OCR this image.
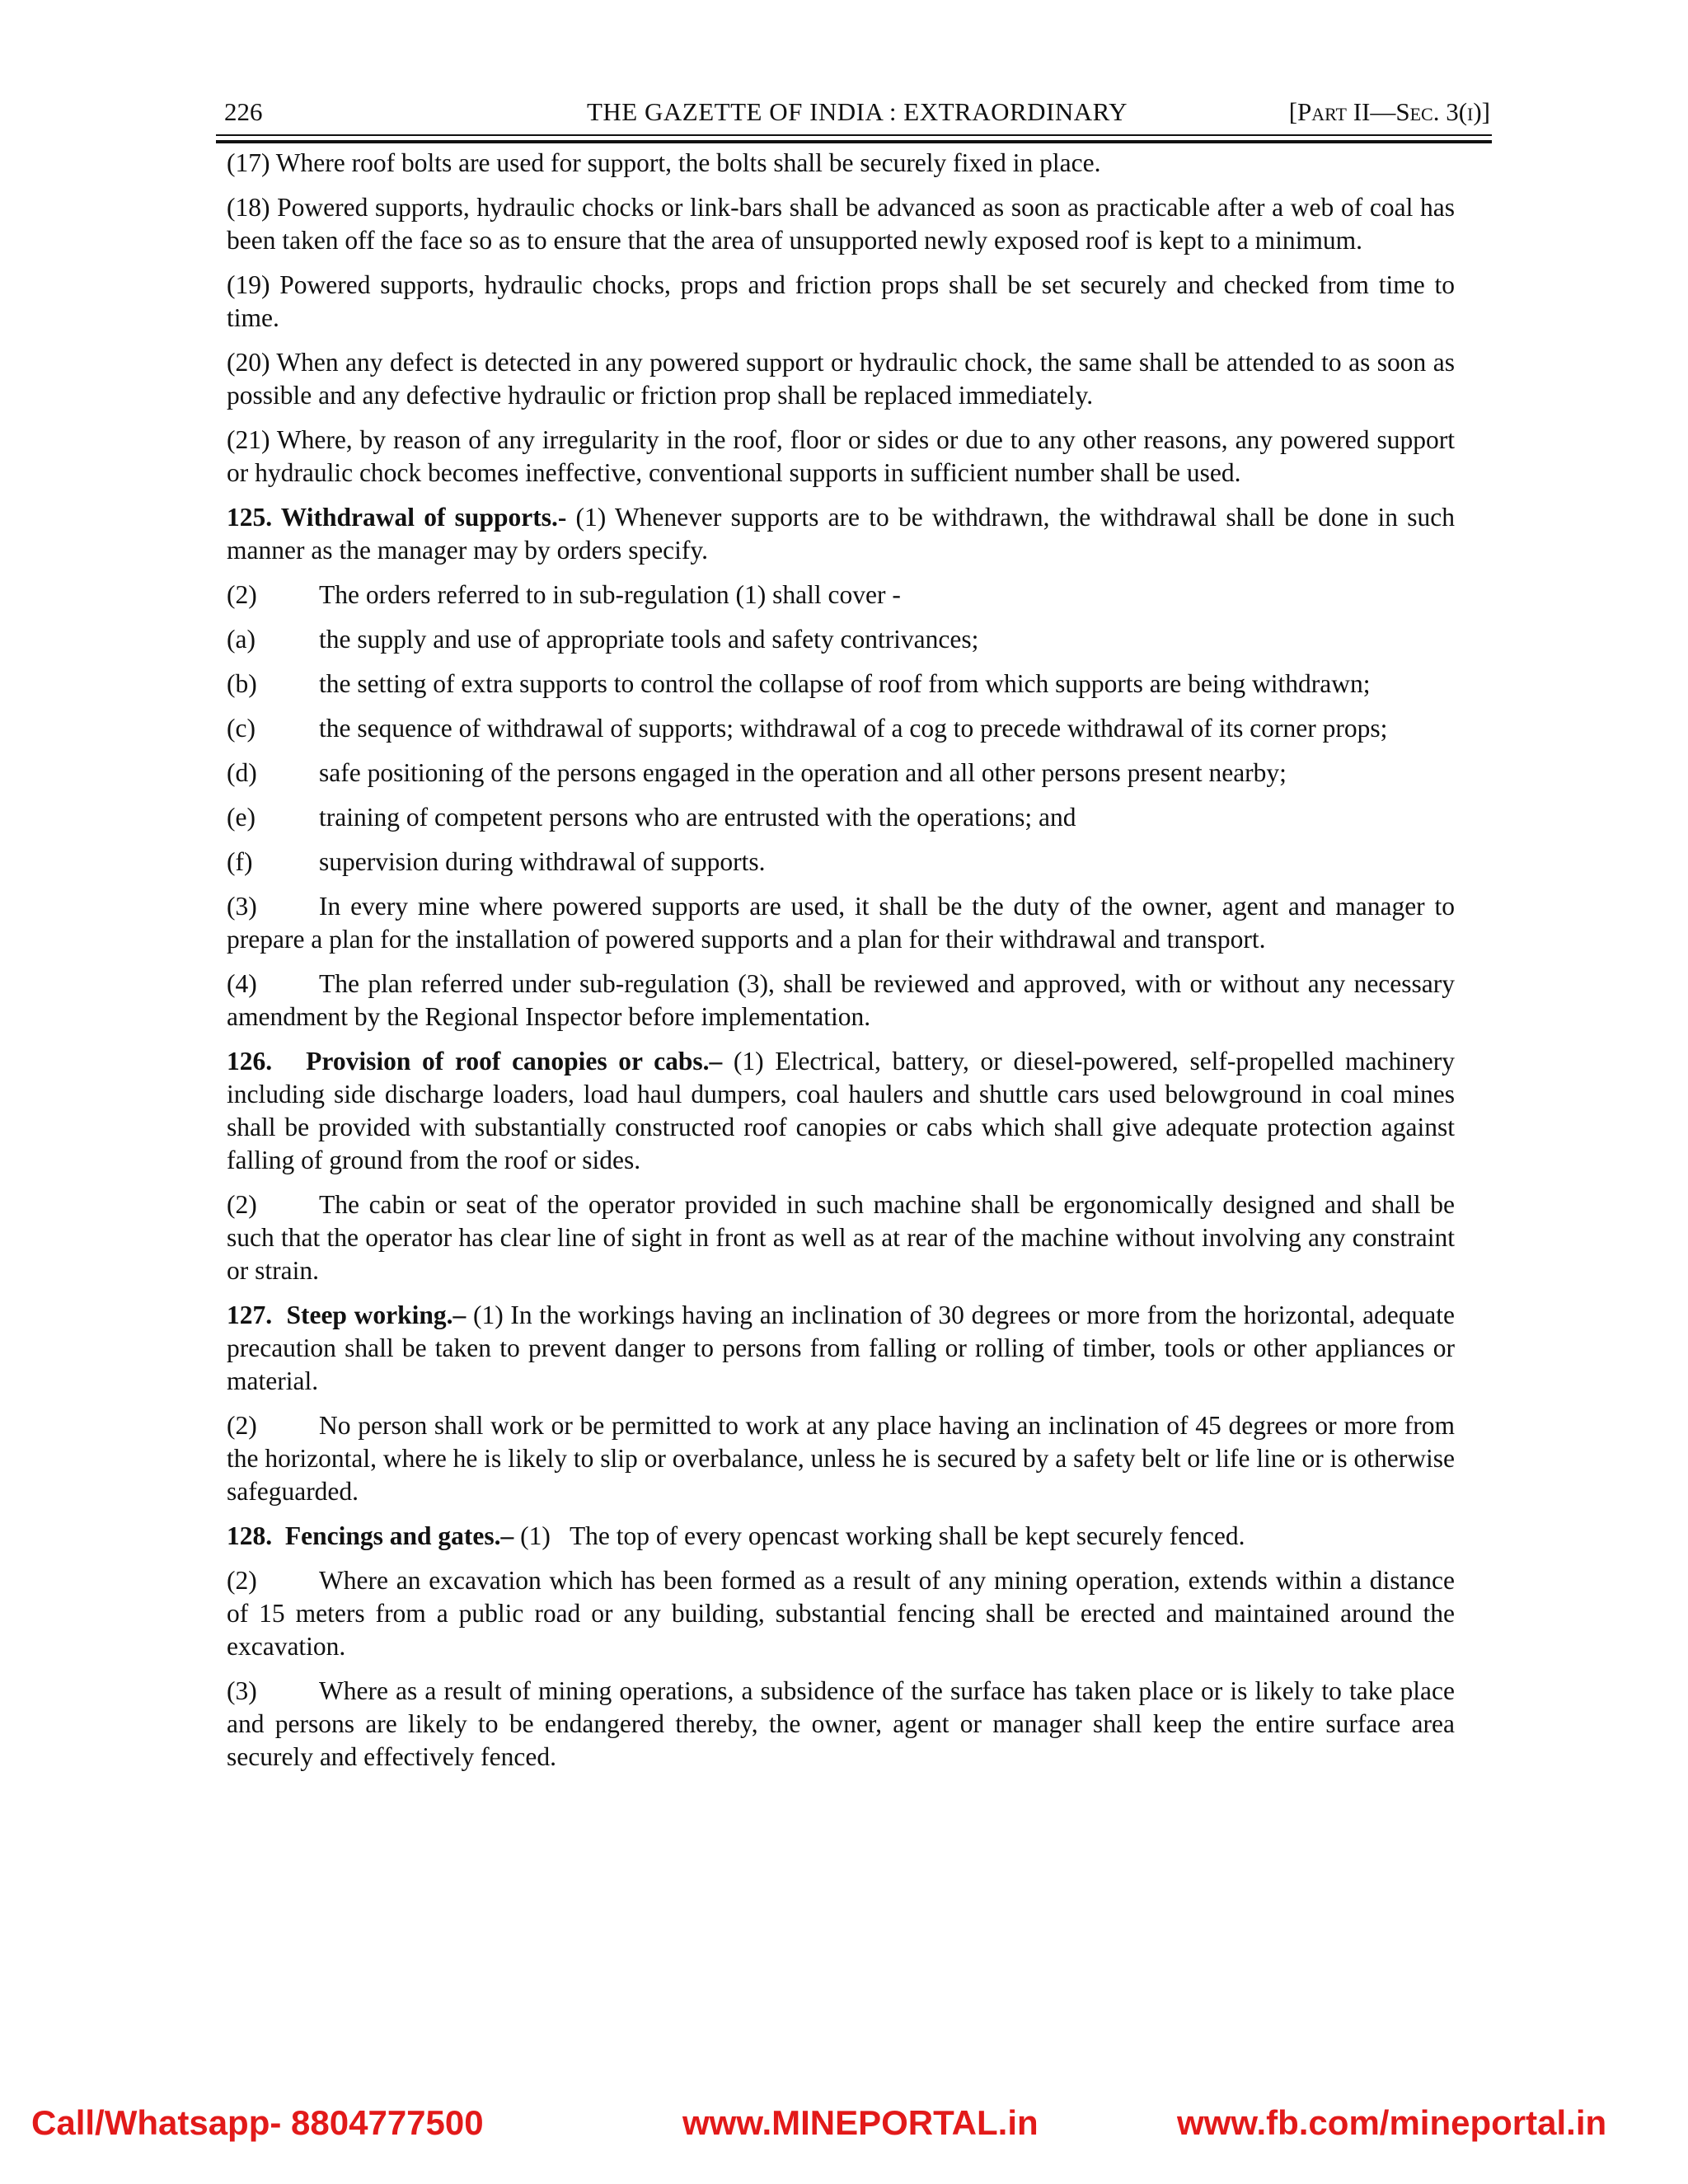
226	THE GAZETTE OF INDIA : EXTRAORDINARY	[Part II—Sec. 3(i)]

(17) Where roof bolts are used for support, the bolts shall be securely fixed in place.

(18) Powered supports, hydraulic chocks or link-bars shall be advanced as soon as practicable after a web of coal has been taken off the face so as to ensure that the area of unsupported newly exposed roof is kept to a minimum.

(19) Powered supports, hydraulic chocks, props and friction props shall be set securely and checked from time to time.

(20) When any defect is detected in any powered support or hydraulic chock, the same shall be attended to as soon as possible and any defective hydraulic or friction prop shall be replaced immediately.

(21) Where, by reason of any irregularity in the roof, floor or sides or due to any other reasons, any powered support or hydraulic chock becomes ineffective, conventional supports in sufficient number shall be used.

125. Withdrawal of supports.- (1) Whenever supports are to be withdrawn, the withdrawal shall be done in such manner as the manager may by orders specify.

(2)	The orders referred to in sub-regulation (1) shall cover -
(a)	the supply and use of appropriate tools and safety contrivances;
(b)	the setting of extra supports to control the collapse of roof from which supports are being withdrawn;
(c)	the sequence of withdrawal of supports; withdrawal of a cog to precede withdrawal of its corner props;
(d)	safe positioning of the persons engaged in the operation and all other persons present nearby;
(e)	training of competent persons who are entrusted with the operations; and
(f)	supervision during withdrawal of supports.

(3) In every mine where powered supports are used, it shall be the duty of the owner, agent and manager to prepare a plan for the installation of powered supports and a plan for their withdrawal and transport.

(4) The plan referred under sub-regulation (3), shall be reviewed and approved, with or without any necessary amendment by the Regional Inspector before implementation.

126.   Provision of roof canopies or cabs.– (1) Electrical, battery, or diesel-powered, self-propelled machinery including side discharge loaders, load haul dumpers, coal haulers and shuttle cars used belowground in coal mines shall be provided with substantially constructed roof canopies or cabs which shall give adequate protection against falling of ground from the roof or sides.

(2) The cabin or seat of the operator provided in such machine shall be ergonomically designed and shall be such that the operator has clear line of sight in front as well as at rear of the machine without involving any constraint or strain.

127.  Steep working.– (1) In the workings having an inclination of 30 degrees or more from the horizontal, adequate precaution shall be taken to prevent danger to persons from falling or rolling of timber, tools or other appliances or material.

(2) No person shall work or be permitted to work at any place having an inclination of 45 degrees or more from the horizontal, where he is likely to slip or overbalance, unless he is secured by a safety belt or life line or is otherwise safeguarded.

128.  Fencings and gates.– (1)   The top of every opencast working shall be kept securely fenced.

(2) Where an excavation which has been formed as a result of any mining operation, extends within a distance of 15 meters from a public road or any building, substantial fencing shall be erected and maintained around the excavation.

(3) Where as a result of mining operations, a subsidence of the surface has taken place or is likely to take place and persons are likely to be endangered thereby, the owner, agent or manager shall keep the entire surface area securely and effectively fenced.

Call/Whatsapp- 8804777500	www.MINEPORTAL.in	www.fb.com/mineportal.in
